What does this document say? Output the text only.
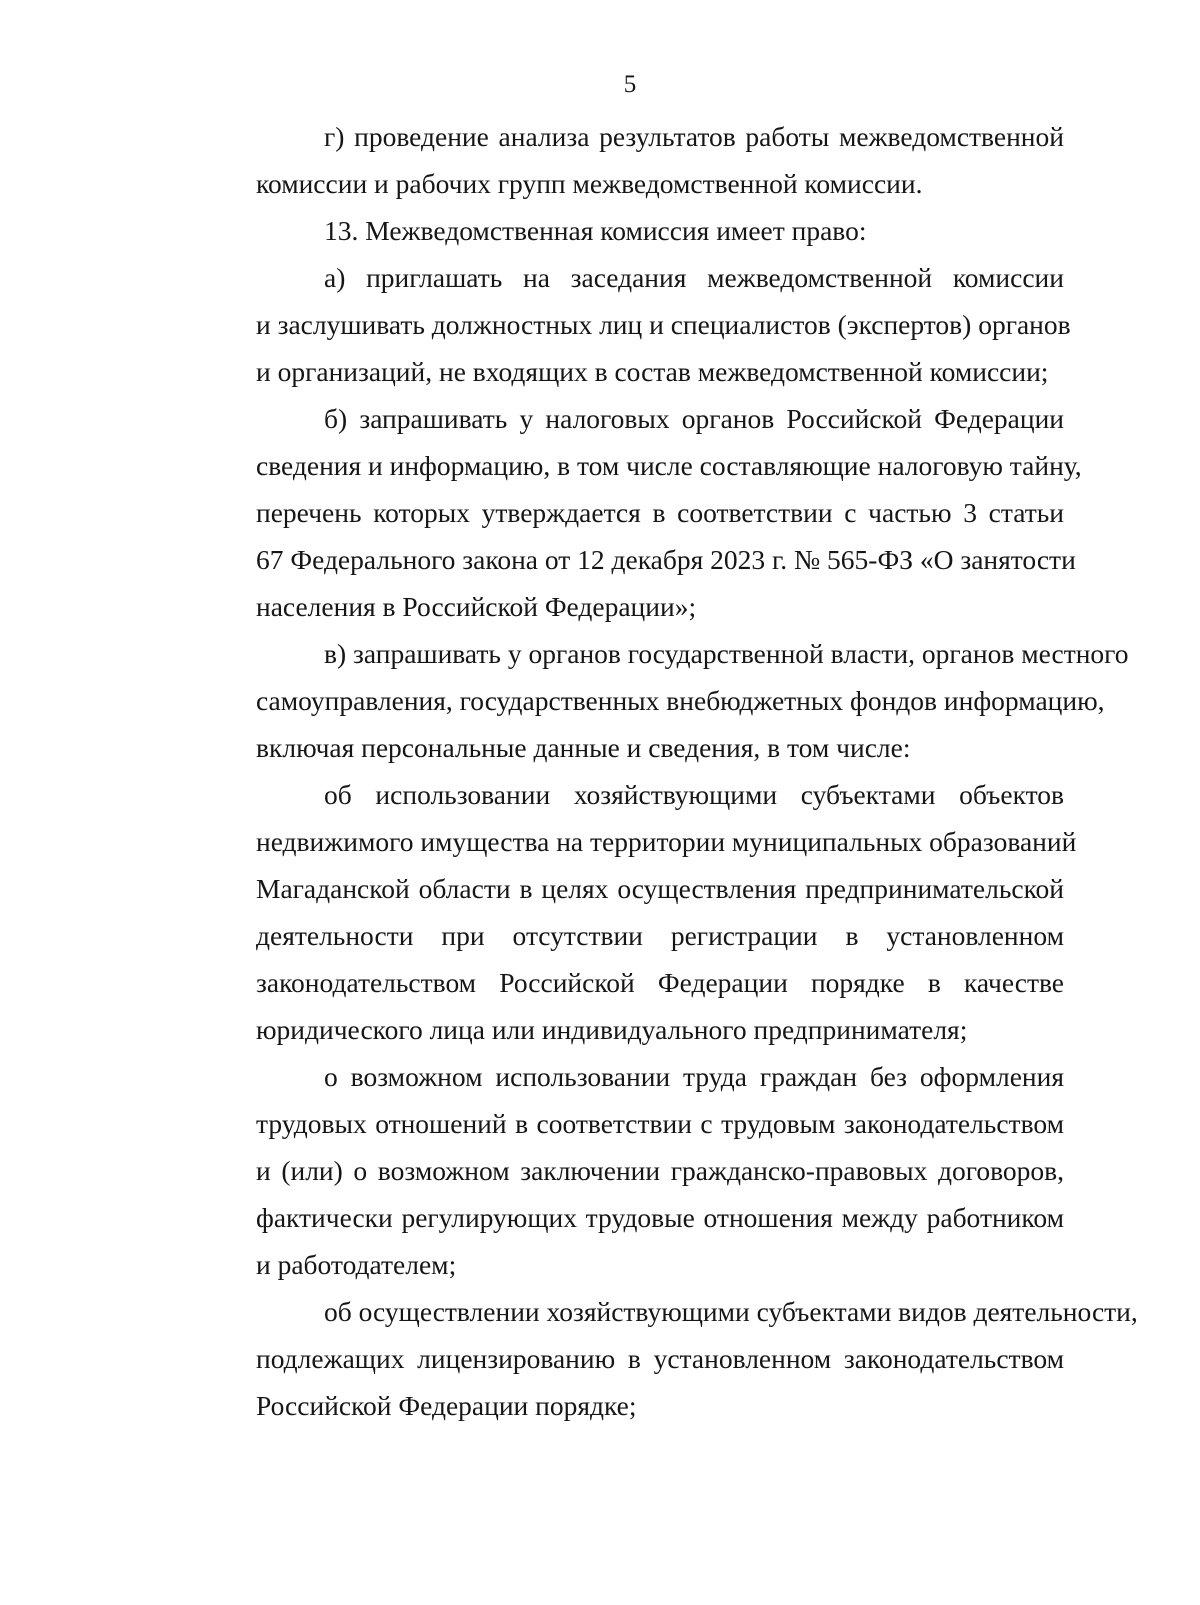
5
г) проведение анализа результатов работы межведомственной
комиссии и рабочих групп межведомственной комиссии.
13. Межведомственная комиссия имеет право:
а) приглашать на заседания межведомственной комиссии
и заслушивать должностных лиц и специалистов (экспертов) органов
и организаций, не входящих в состав межведомственной комиссии;
б) запрашивать у налоговых органов Российской Федерации
сведения и информацию, в том числе составляющие налоговую тайну,
перечень которых утверждается в соответствии с частью 3 статьи
67 Федерального закона от 12 декабря 2023 г. № 565-ФЗ «О занятости
населения в Российской Федерации»;
в) запрашивать у органов государственной власти, органов местного
самоуправления, государственных внебюджетных фондов информацию,
включая персональные данные и сведения, в том числе:
об использовании хозяйствующими субъектами объектов
недвижимого имущества на территории муниципальных образований
Магаданской области в целях осуществления предпринимательской
деятельности при отсутствии регистрации в установленном
законодательством Российской Федерации порядке в качестве
юридического лица или индивидуального предпринимателя;
о возможном использовании труда граждан без оформления
трудовых отношений в соответствии с трудовым законодательством
и (или) о возможном заключении гражданско-правовых договоров,
фактически регулирующих трудовые отношения между работником
и работодателем;
об осуществлении хозяйствующими субъектами видов деятельности,
подлежащих лицензированию в установленном законодательством
Российской Федерации порядке;
